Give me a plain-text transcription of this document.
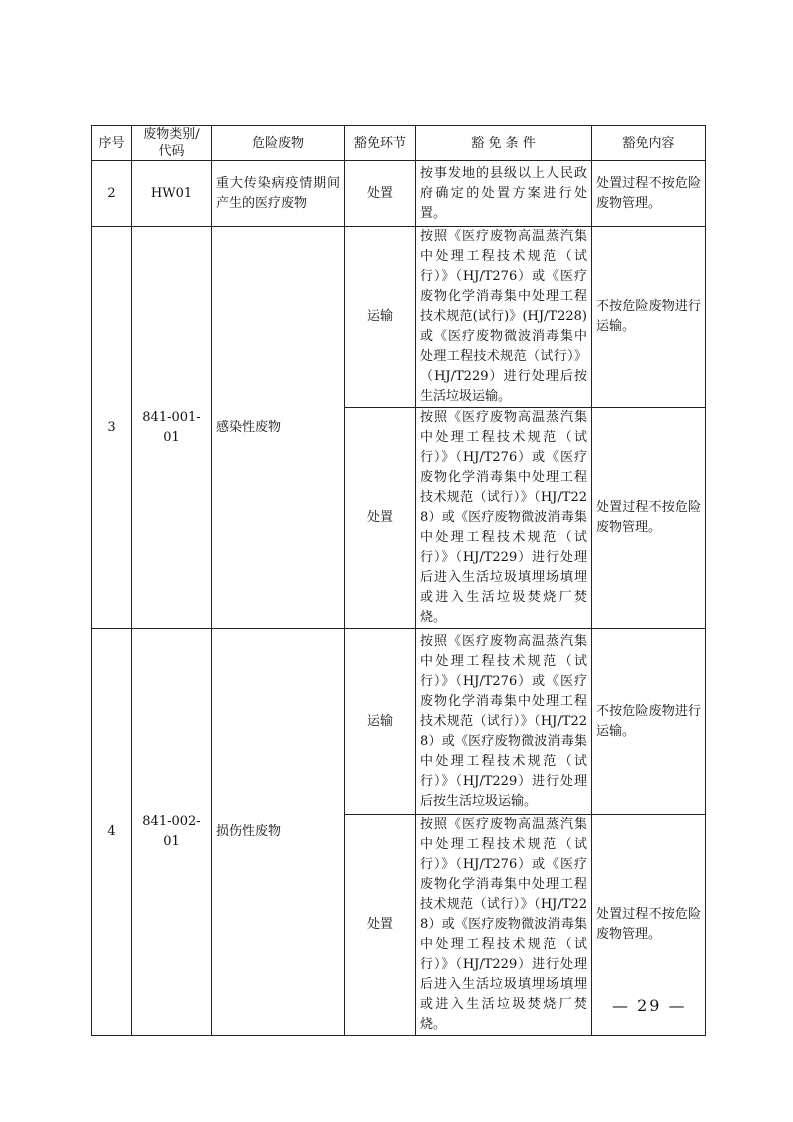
序号	废物类别/代码	危险废物	豁免环节	豁 免 条 件	豁免内容
2	HW01	重大传染病疫情期间产生的医疗废物	处置	按事发地的县级以上人民政府确定的处置方案进行处置。	处置过程不按危险废物管理。
3	841-001-01	感染性废物	运输	按照《医疗废物高温蒸汽集中处理工程技术规范（试行）》（HJ/T276）或《医疗废物化学消毒集中处理工程技术规范(试行)》(HJ/T228)或《医疗废物微波消毒集中处理工程技术规范（试行）》（HJ/T229）进行处理后按生活垃圾运输。	不按危险废物进行运输。
			处置	按照《医疗废物高温蒸汽集中处理工程技术规范（试行）》（HJ/T276）或《医疗废物化学消毒集中处理工程技术规范（试行）》（HJ/T228）或《医疗废物微波消毒集中处理工程技术规范（试行）》（HJ/T229）进行处理后进入生活垃圾填埋场填埋或进入生活垃圾焚烧厂焚烧。	处置过程不按危险废物管理。
4	841-002-01	损伤性废物	运输	按照《医疗废物高温蒸汽集中处理工程技术规范（试行）》（HJ/T276）或《医疗废物化学消毒集中处理工程技术规范（试行）》（HJ/T228）或《医疗废物微波消毒集中处理工程技术规范（试行）》（HJ/T229）进行处理后按生活垃圾运输。	不按危险废物进行运输。
			处置	按照《医疗废物高温蒸汽集中处理工程技术规范（试行）》（HJ/T276）或《医疗废物化学消毒集中处理工程技术规范（试行）》（HJ/T228）或《医疗废物微波消毒集中处理工程技术规范（试行）》（HJ/T229）进行处理后进入生活垃圾填埋场填埋或进入生活垃圾焚烧厂焚烧。	处置过程不按危险废物管理。
— 29 —
